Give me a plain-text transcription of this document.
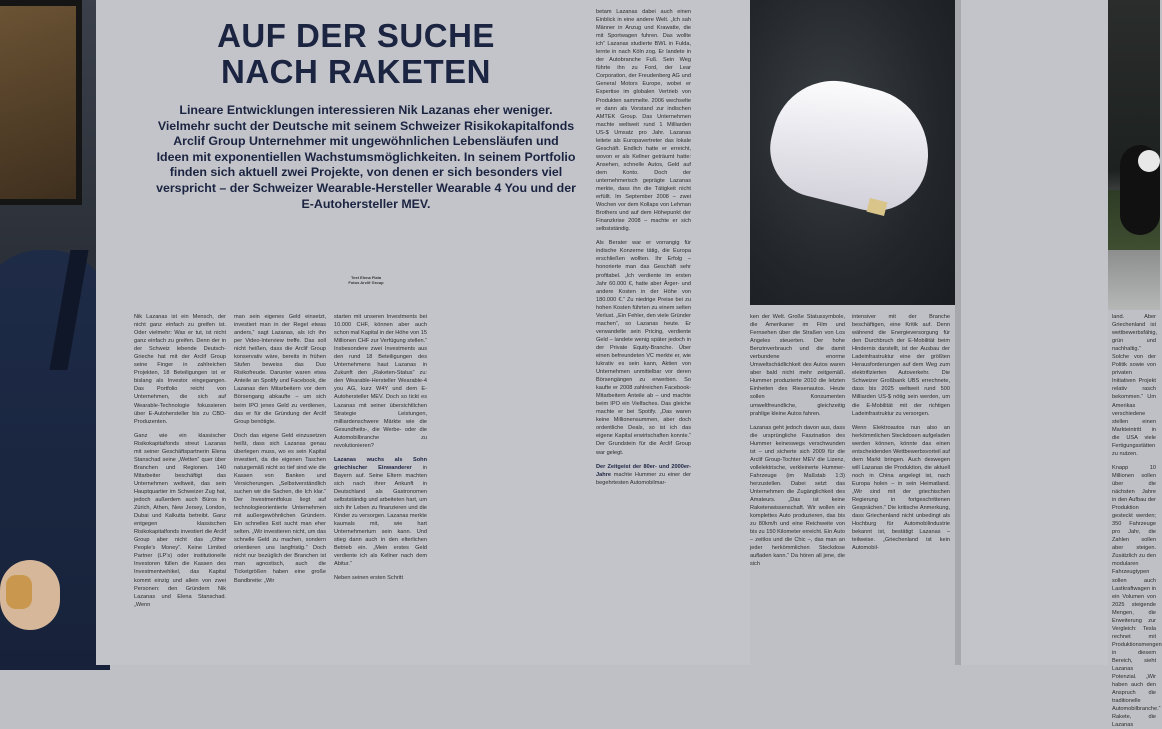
AUF DER SUCHE
NACH RAKETEN
Lineare Entwicklungen interessieren Nik Lazanas eher weniger. Vielmehr sucht der Deutsche mit seinem Schweizer Risikokapitalfonds Arclif Group Unternehmer mit ungewöhnlichen Lebensläufen und Ideen mit exponentiellen Wachstumsmöglichkeiten. In seinem Portfolio finden sich aktuell zwei Projekte, von denen er sich besonders viel verspricht – der Schweizer Wearable-Hersteller Wearable 4 You und der E-Autohersteller MEV.
Text Elena Fiala
Fotos Arclif Group

Nik Lazanas ist ein Mensch, der nicht ganz einfach zu greifen ist. Oder vielmehr: Was er tut, ist nicht ganz einfach zu greifen. Denn der in der Schweiz lebende Deutsch-Grieche hat mit der Arclif Group seine Finger in zahlreichen Projekten, 18 Beteiligungen ist er bislang als Investor eingegangen. Das Portfolio reicht von Unternehmen, die sich auf Wearable-Technologie fokussieren über E-Autohersteller bis zu CBD-Produzenten.

Ganz wie ein klassischer Risikokapitalfonds streut Lazanas mit seiner Geschäftspartnerin Elena Stanschad seine „Wetten“ quer über Branchen und Regionen. 140 Mitarbeiter beschäftigt das Unternehmen weltweit, das sein Hauptquartier im Schweizer Zug hat, jedoch außerdem auch Büros in Zürich, Athen, New Jersey, London, Dubai und Kalkutta betreibt. Ganz entgegen klassischen Risikokapitalfonds investiert die Arclif Group aber nicht das „Other People’s Money“. Keine Limited Partner (LP’s) oder institutionelle Investoren füllen die Kassen des Investmentvehikel, das Kapital kommt einzig und allein von zwei Personen: den Gründern Nik Lazanas und Elena Stanschad. „Wenn

man sein eigenes Geld einsetzt, investiert man in der Regel etwas anders,“ sagt Lazanas, als ich ihn per Video-Interview treffe. Das soll nicht heißen, dass die Arclif Group konservativ wäre, bereits in frühen Stufen beweiss das Duo Risikofreude. Darunter waren etwa Anteile an Spotify und Facebook, die Lazanas den Mitarbeitern vor dem Börsengang abkaufte – um sich beim IPO jenes Geld zu verdienen, das er für die Gründung der Arclif Group benötigte.

Doch das eigene Geld einzusetzen heißt, dass sich Lazanas genau überlegen muss, wo es sein Kapital investiert, da die eigenen Taschen naturgemäß nicht so tief sind wie die Kassen von Banken und Versicherungen. „Selbstverständlich suchen wir die Sachen, die Ich klar.“ Der Investmentfokus liegt auf technologieorientierte Unternehmen mit außergewöhnlichen Gründern. Ein schnelles Exit sucht man eher selten. „Wir investieren nicht, um das schnelle Geld zu machen, sondern orientieren uns langfristig.“ Doch nicht nur bezüglich der Branchen ist man agnostisch, auch die Ticketgrößen haben eine große Bandbreite: „Wir

starten mit unseren Investments bei 10.000 CHF, können aber auch schon mal Kapital in der Höhe von 15 Millionen CHF zur Verfügung stellen.“ Insbesondere zwei Investments aus den rund 18 Beteiligungen des Unternehmens haut Lazanas in Zukunft den „Raketen-Status“ zu: den Wearable-Hersteller Wearable-4 you AG, kurz W4Y und dem E-Autohersteller MEV. Doch so tickt es Lazanas mit seiner übersichtlichen Strategie Leistungen, milliardenschwere Märkte wie die Gesundheits-, die Werbe- oder die Automobilbranche zu revolutionieren?

Lazanas wuchs als Sohn griechischer Einwanderer in Bayern auf. Seine Eltern machten sich nach ihrer Ankunft in Deutschland als Gastronomen selbstständig und arbeiteten hart, um sich ihr Leben zu finanzieren und die Kinder zu versorgen. Lazanas merkte kaumals mit, wie hart Unternehmertum sein kann. Und stieg dann auch in den elterlichen Betrieb ein. „Mein erstes Geld verdiente ich als Kellner nach dem Abitur.“

Neben seinen ersten Schritt

betam Lazanas dabei auch einen Einblick in eine andere Welt. „Ich sah Männer in Anzug und Krawatte, die mit Sportwagen fuhren. Das wollte ich“ Lazanas studierte BWL in Fulda, lernte in nach Köln zog. Er landete in der Autobranche Fuß. Sein Weg führte ihn zu Ford, der Lear Corporation, der Freudenberg AG und General Motors Europe, wobei er Expertise im globalen Vertrieb von Produkten sammelte. 2006 wechselte er dann als Vorstand zur indischen AMTEK Group. Das Unternehmen machte weltweit rund 1 Milliarden US-$ Umsatz pro Jahr. Lazanas leitete als Europavertreter das lokale Geschäft. Endlich hatte er erreicht, wovon er als Kellner geträumt hatte: Ansehen, schnelle Autos, Geld auf dem Konto. Doch der unternehmerisch geprägte Lazanas merkte, dass ihn die Tätigkeit nicht erfüllt. Im September 2008 – zwei Wochen vor dem Kollaps von Lehman Brothers und auf dem Höhepunkt der Finanzkrise 2008 – machte er sich selbstständig.

Als Berater war er vorrangig für indische Konzerne tätig, die Europa erschließen wollten. Ihr Erfolg – honorierte man das Geschäft sehr profitabel. „Ich verdiente im ersten Jahr 60.000 €, hatte aber Ärger- und andere Kosten in der Höhe von 180.000 €.“ Zu niedrige Preise bei zu hohen Kosten führten zu einem selten Verlust. „Ein Fehler, den viele Gründer machen“, so Lazanas heute. Er verwandelte sein Pricing, verdiente Geld – landete wenig später jedoch in der Private Equity-Branche. Über einen befreundeten VC merkte er, wie lukrativ es sein kann, Aktien von Unternehmen unmittelbar vor deren Börsengängen zu erwerben. So kaufte er 2008 zahlreichen Facebook-Mitarbeitern Anteile ab – und machte beim IPO ein Vielfaches. Das gleiche machte er bei Spotify. „Das waren keine Millionensummen, aber doch ordentliche Deals, so ist ich das eigene Kapital erwirtschaften konnte.“ Der Grundstein für die Arclif Group war gelegt.

Der Zeitgeist der 80er- und 2000er-Jahre machte Hummer zu einer der begehrtesten Automobilmar-

ken der Welt. Große Statussymbole, die Amerikaner im Film und Fernsehen über die Straßen von Los Angeles steuerten. Der hohe Benzinverbrauch und die damit verbundene enorme Umweltschädlichkeit des Autos waren aber bald nicht mehr zeitgemäß. Hummer produzierte 2010 die letzten Einheiten des Riesenautos. Heute sollen Konsumenten umweltfreundliche, gleichzeitig prahlige kleine Autos fahren.

Lazanas geht jedoch davon aus, dass die ursprüngliche Faszination des Hummer keineswegs verschwunden ist – und sicherte sich 2009 für die Arclif Group-Tochter MEV die Lizenz, vollelektrische, verkleinerte Hummer-Fahrzeuge (im Maßstab 1:3) herzustellen. Dabei setzt das Unternehmen die Zugänglichkeit des Amateurs. „Das ist keine Raketenwissenschaft. Wir wollen ein komplettes Auto produzieren, das bis zu 80km/h und eine Reichweite von bis zu 150 Kilometer erreicht. Ein Auto – zeitlos und die Chic –, das man an jeder herkömmlichen Steckdose aufladen kann.“ Da hören all jene, die sich

intensiver mit der Branche beschäftigen, eine Kritik auf. Denn während die Energieversorgung für den Durchbruch der E-Mobilität beim Hindernis darstellt, ist der Ausbau der Ladeinfrastruktur eine der größten Herausforderungen auf dem Weg zum elektrifizierten Autoverkehr. Die Schweizer Großbank UBS errechnete, dass bis 2025 weltweit rund 500 Milliarden US-$ nötig sein werden, um die E-Mobilität mit der richtigen Ladeinfrastruktur zu versorgen.

Wenn Elektroautos nun also an herkömmlichen Steckdosen aufgeladen werden können, könnte das einen entscheidenden Wettbewerbsvorteil auf dem Markt bringen. Auch deswegen will Lazanas die Produktion, die aktuell noch in China angelegt ist, nach Europa holen – in sein Heimatland. „Wir sind mit der griechischen Regierung in fortgeschrittenen Gesprächen.“ Die kritische Anmerkung, dass Griechenland nicht unbedingt als Hochburg für Automobilindustrie bekannt ist, bestätigt Lazanas – teilweise. „Griechenland ist kein Automobil-

land. Aber Griechenland ist wettbewerbsfähig, grün und nachhaltig.“ Solche von der Politik sowie von privaten Initiativen Projekt relativ rasch bekommen.“ Um Amerikas verschiedene stellen einen Markteintritt in die USA viele Fertigungsstätten zu nutzen.

Knapp 10 Millionen sollen über die nächsten Jahre in den Aufbau der Produktion gesteckt werden; 350 Fahrzeuge pro Jahr, die Zahlen sollen aber steigen. Zusätzlich zu den modularen Fahrzeugtypen sollen auch Lastkraftwagen in ein Volumen von 2025 steigende Mengen, die Erweiterung zur Vergleich: Tesla rechnet mit Produktionsmengen in diesem Bereich, sieht Lazanas Potenzial. „Wir haben auch den Anspruch die traditionelle Automobilbranche.“ Rakete, die Lazanas
